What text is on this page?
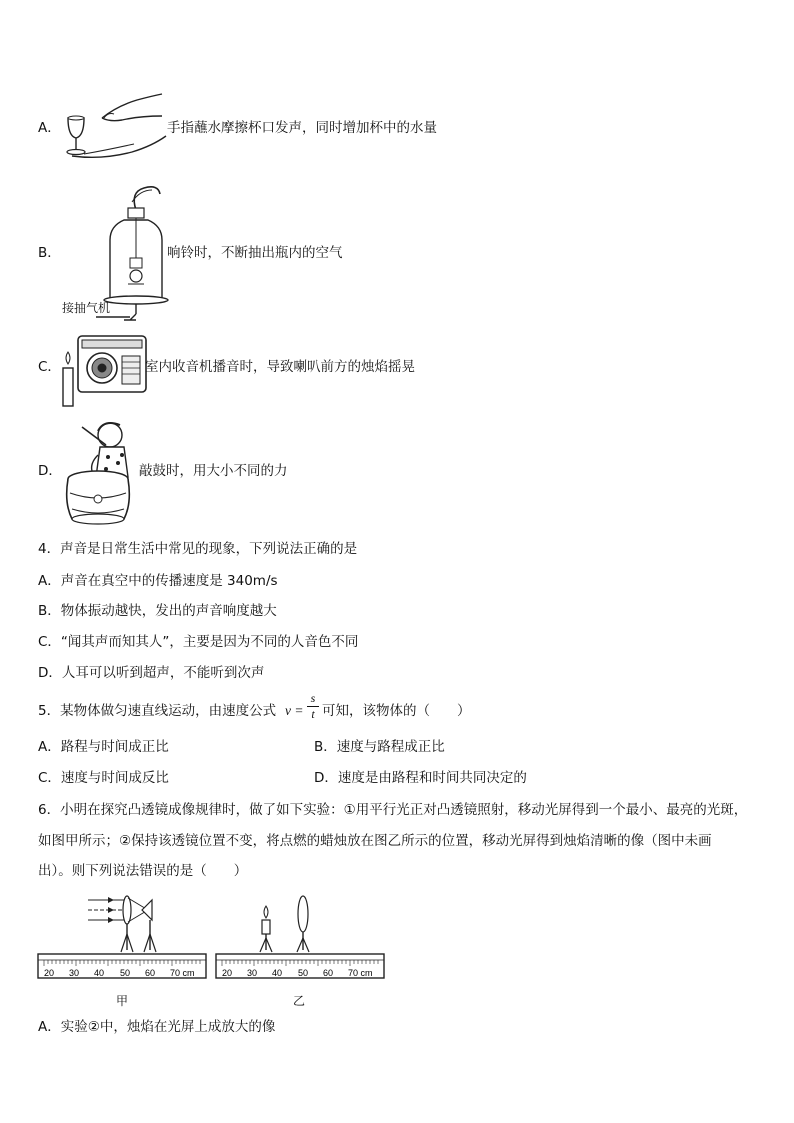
A．	手指蘸水摩擦杯口发声，同时增加杯中的水量
B．	响铃时，不断抽出瓶内的空气
接抽气机
C．	室内收音机播音时，导致喇叭前方的烛焰摇晃
D．	敲鼓时，用大小不同的力
4．声音是日常生活中常见的现象，下列说法正确的是
A．声音在真空中的传播速度是 340m/s
B．物体振动越快，发出的声音响度越大
C．“闻其声而知其人”，主要是因为不同的人音色不同
D．人耳可以听到超声，不能听到次声
5．某物体做匀速直线运动，由速度公式 v =
s
t 可知，该物体的（　　）
A．路程与时间成正比	B．速度与路程成正比
C．速度与时间成反比	D．速度是由路程和时间共同决定的
6．小明在探究凸透镜成像规律时，做了如下实验：①用平行光正对凸透镜照射，移动光屏得到一个最小、最亮的光斑，
如图甲所示；②保持该透镜位置不变，将点燃的蜡烛放在图乙所示的位置，移动光屏得到烛焰清晰的像（图中未画
出）。则下列说法错误的是（　　）
20 30 40 50 60 70 cm
甲
20 30 40 50 60 70 cm
乙
A．实验②中，烛焰在光屏上成放大的像
